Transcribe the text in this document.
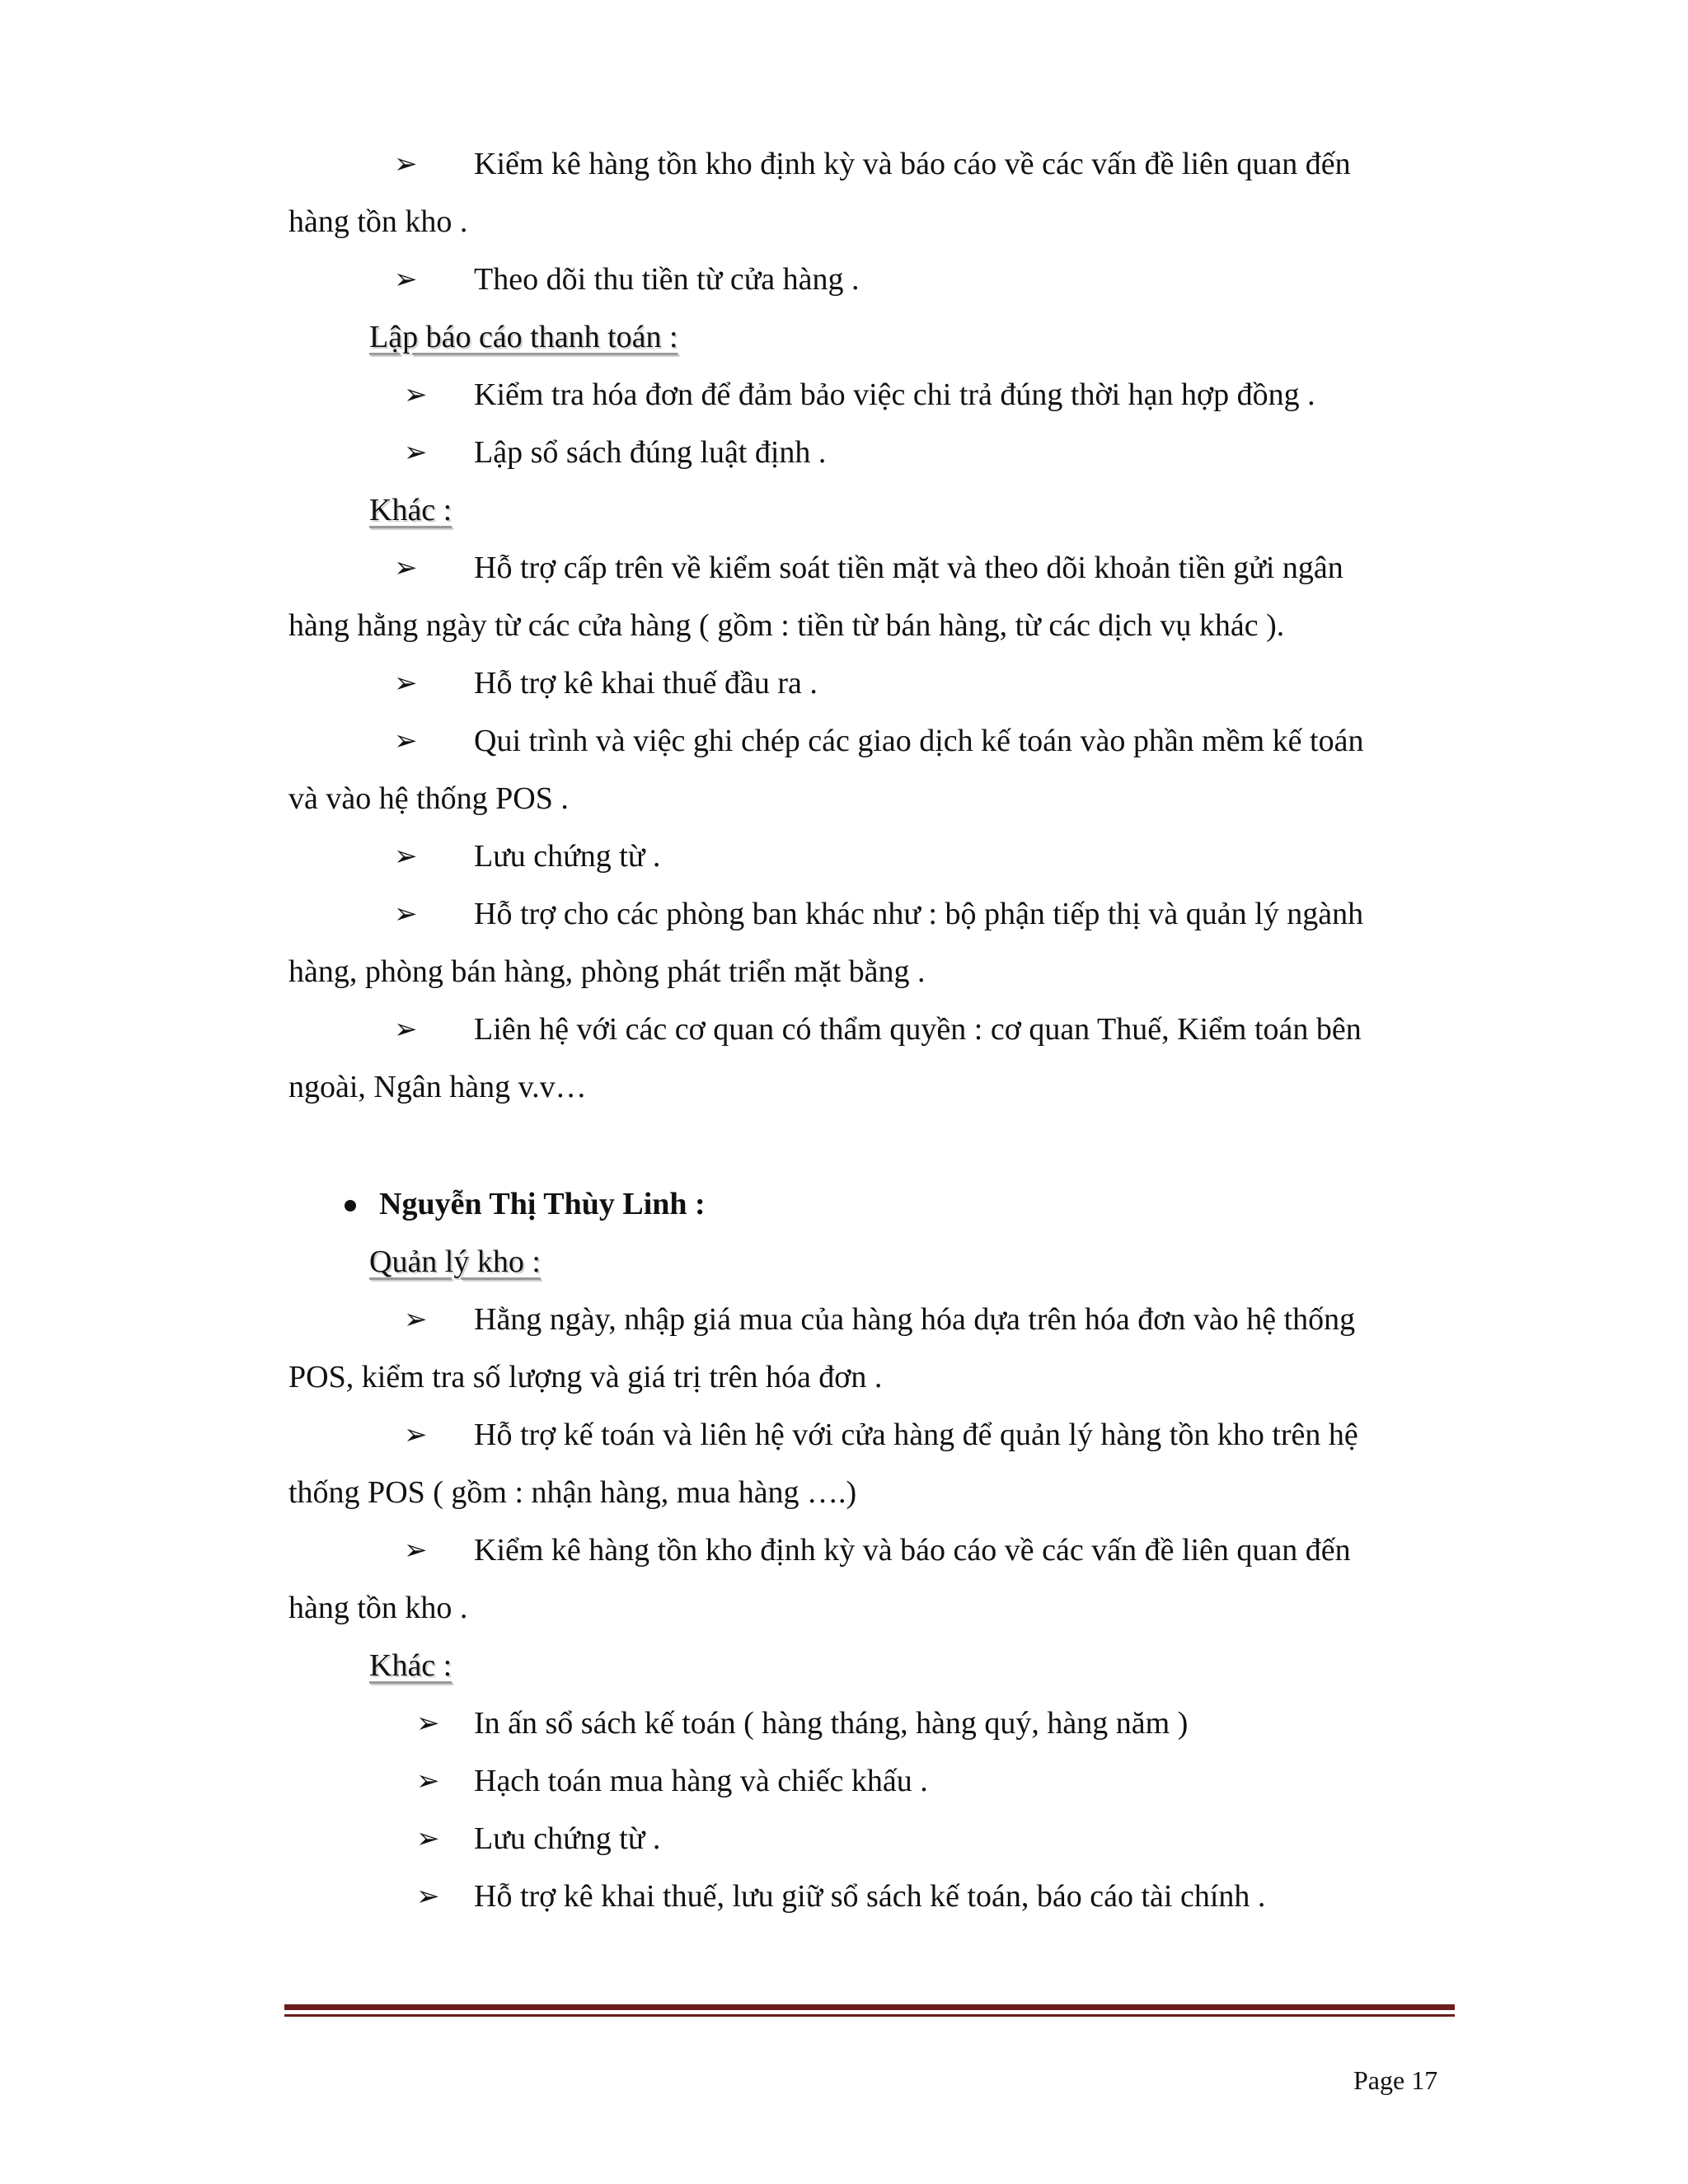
➢ Kiểm kê hàng tồn kho định kỳ và báo cáo về các vấn đề liên quan đến
hàng tồn kho .
➢ Theo dõi thu tiền từ cửa hàng .
Lập báo cáo thanh toán :
➢ Kiểm tra hóa đơn để đảm bảo việc chi trả đúng thời hạn hợp đồng .
➢ Lập sổ sách đúng luật định .
Khác :
➢ Hỗ trợ cấp trên về kiểm soát tiền mặt và theo dõi khoản tiền gửi ngân
hàng hằng ngày từ các cửa hàng ( gồm : tiền từ bán hàng, từ các dịch vụ khác ).
➢ Hỗ trợ kê khai thuế đầu ra .
➢ Qui trình và việc ghi chép các giao dịch kế toán vào phần mềm kế toán
và vào hệ thống POS .
➢ Lưu chứng từ .
➢ Hỗ trợ cho các phòng ban khác như : bộ phận tiếp thị và quản lý ngành
hàng, phòng bán hàng, phòng phát triển mặt bằng .
➢ Liên hệ với các cơ quan có thẩm quyền : cơ quan Thuế, Kiểm toán bên
ngoài, Ngân hàng v.v…
Nguyễn Thị Thùy Linh :
Quản lý kho :
➢ Hằng ngày, nhập giá mua của hàng hóa dựa trên hóa đơn vào hệ thống
POS, kiểm tra số lượng và giá trị trên hóa đơn .
➢ Hỗ trợ kế toán và liên hệ với cửa hàng để quản lý hàng tồn kho trên hệ
thống POS ( gồm : nhận hàng, mua hàng ….)
➢ Kiểm kê hàng tồn kho định kỳ và báo cáo về các vấn đề liên quan đến
hàng tồn kho .
Khác :
➢ In ấn sổ sách kế toán ( hàng tháng, hàng quý, hàng năm )
➢ Hạch toán mua hàng và chiếc khấu .
➢ Lưu chứng từ .
➢ Hỗ trợ kê khai thuế, lưu giữ sổ sách kế toán, báo cáo tài chính .
Page 17
